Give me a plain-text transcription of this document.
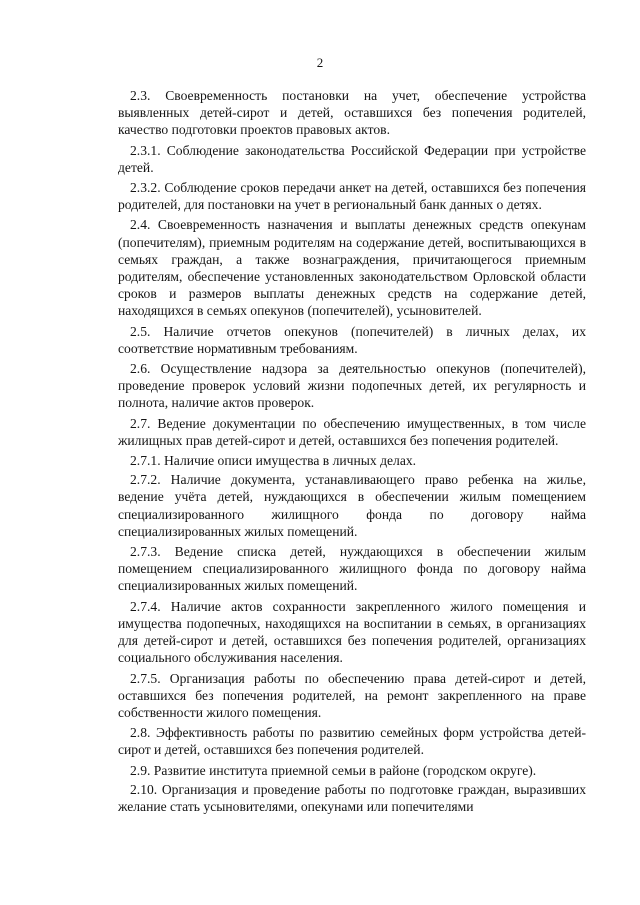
2

2.3. Своевременность постановки на учет, обеспечение устройства выявленных детей-сирот и детей, оставшихся без попечения родителей, качество подготовки проектов правовых актов.

2.3.1. Соблюдение законодательства Российской Федерации при устройстве детей.

2.3.2. Соблюдение сроков передачи анкет на детей, оставшихся без попечения родителей, для постановки на учет в региональный банк данных о детях.

2.4. Своевременность назначения и выплаты денежных средств опекунам (попечителям), приемным родителям на содержание детей, воспитывающихся в семьях граждан, а также вознаграждения, причитающегося приемным родителям, обеспечение установленных законодательством Орловской области сроков и размеров выплаты денежных средств на содержание детей, находящихся в семьях опекунов (попечителей), усыновителей.

2.5. Наличие отчетов опекунов (попечителей) в личных делах, их соответствие нормативным требованиям.

2.6. Осуществление надзора за деятельностью опекунов (попечителей), проведение проверок условий жизни подопечных детей, их регулярность и полнота, наличие актов проверок.

2.7. Ведение документации по обеспечению имущественных, в том числе жилищных прав детей-сирот и детей, оставшихся без попечения родителей.

2.7.1. Наличие описи имущества в личных делах.

2.7.2. Наличие документа, устанавливающего право ребенка на жилье, ведение учёта детей, нуждающихся в обеспечении жилым помещением специализированного жилищного фонда по договору найма специализированных жилых помещений.

2.7.3. Ведение списка детей, нуждающихся в обеспечении жилым помещением специализированного жилищного фонда по договору найма специализированных жилых помещений.

2.7.4. Наличие актов сохранности закрепленного жилого помещения и имущества подопечных, находящихся на воспитании в семьях, в организациях для детей-сирот и детей, оставшихся без попечения родителей, организациях социального обслуживания населения.

2.7.5. Организация работы по обеспечению права детей-сирот и детей, оставшихся без попечения родителей, на ремонт закрепленного на праве собственности жилого помещения.

2.8. Эффективность работы по развитию семейных форм устройства детей-сирот и детей, оставшихся без попечения родителей.

2.9. Развитие института приемной семьи в районе (городском округе).

2.10. Организация и проведение работы по подготовке граждан, выразивших желание стать усыновителями, опекунами или попечителями
